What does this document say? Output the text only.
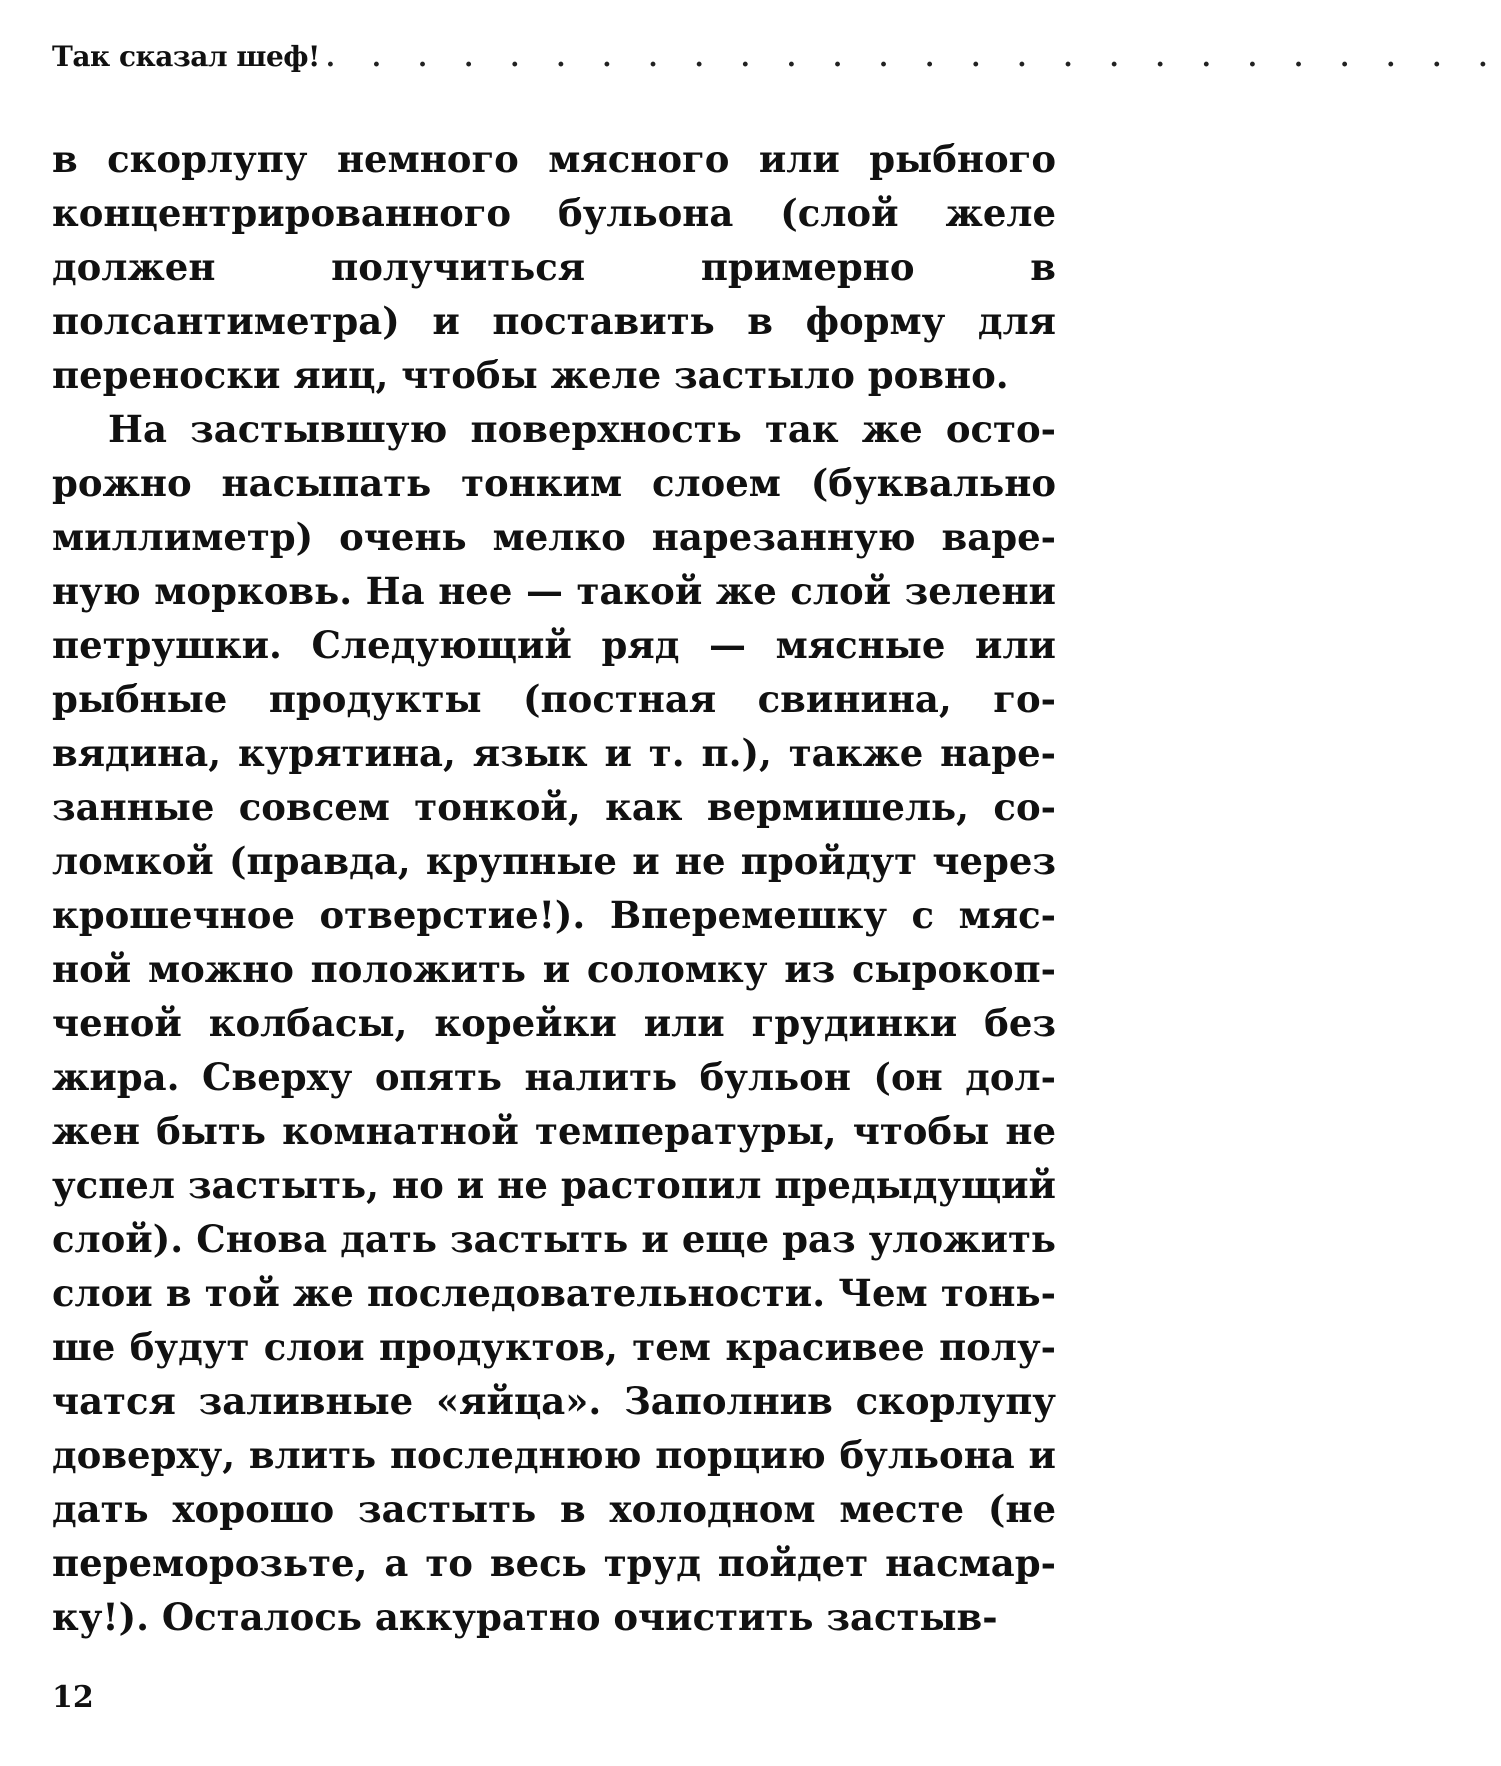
Так сказал шеф! . . . . . . . . . . . . . . . . . . . . . . . . . .

в скорлупу немного мясного или рыбного концентрированного бульона (слой желе должен получиться примерно в полсантиметра) и поставить в форму для переноски яиц, чтобы желе застыло ровно.

На застывшую поверхность так же осторожно насыпать тонким слоем (буквально миллиметр) очень мелко нарезанную вареную морковь. На нее — такой же слой зелени петрушки. Следующий ряд — мясные или рыбные продукты (постная свинина, говядина, курятина, язык и т. п.), также нарезанные совсем тонкой, как вермишель, соломкой (правда, крупные и не пройдут через крошечное отверстие!). Вперемешку с мясной можно положить и соломку из сырокопченой колбасы, корейки или грудинки без жира. Сверху опять налить бульон (он должен быть комнатной температуры, чтобы не успел застыть, но и не растопил предыдущий слой). Снова дать застыть и еще раз уложить слои в той же последовательности. Чем тоньше будут слои продуктов, тем красивее получатся заливные «яйца». Заполнив скорлупу доверху, влить последнюю порцию бульона и дать хорошо застыть в холодном месте (не переморозьте, а то весь труд пойдет насмарку!). Осталось аккуратно очистить застыв-

12
